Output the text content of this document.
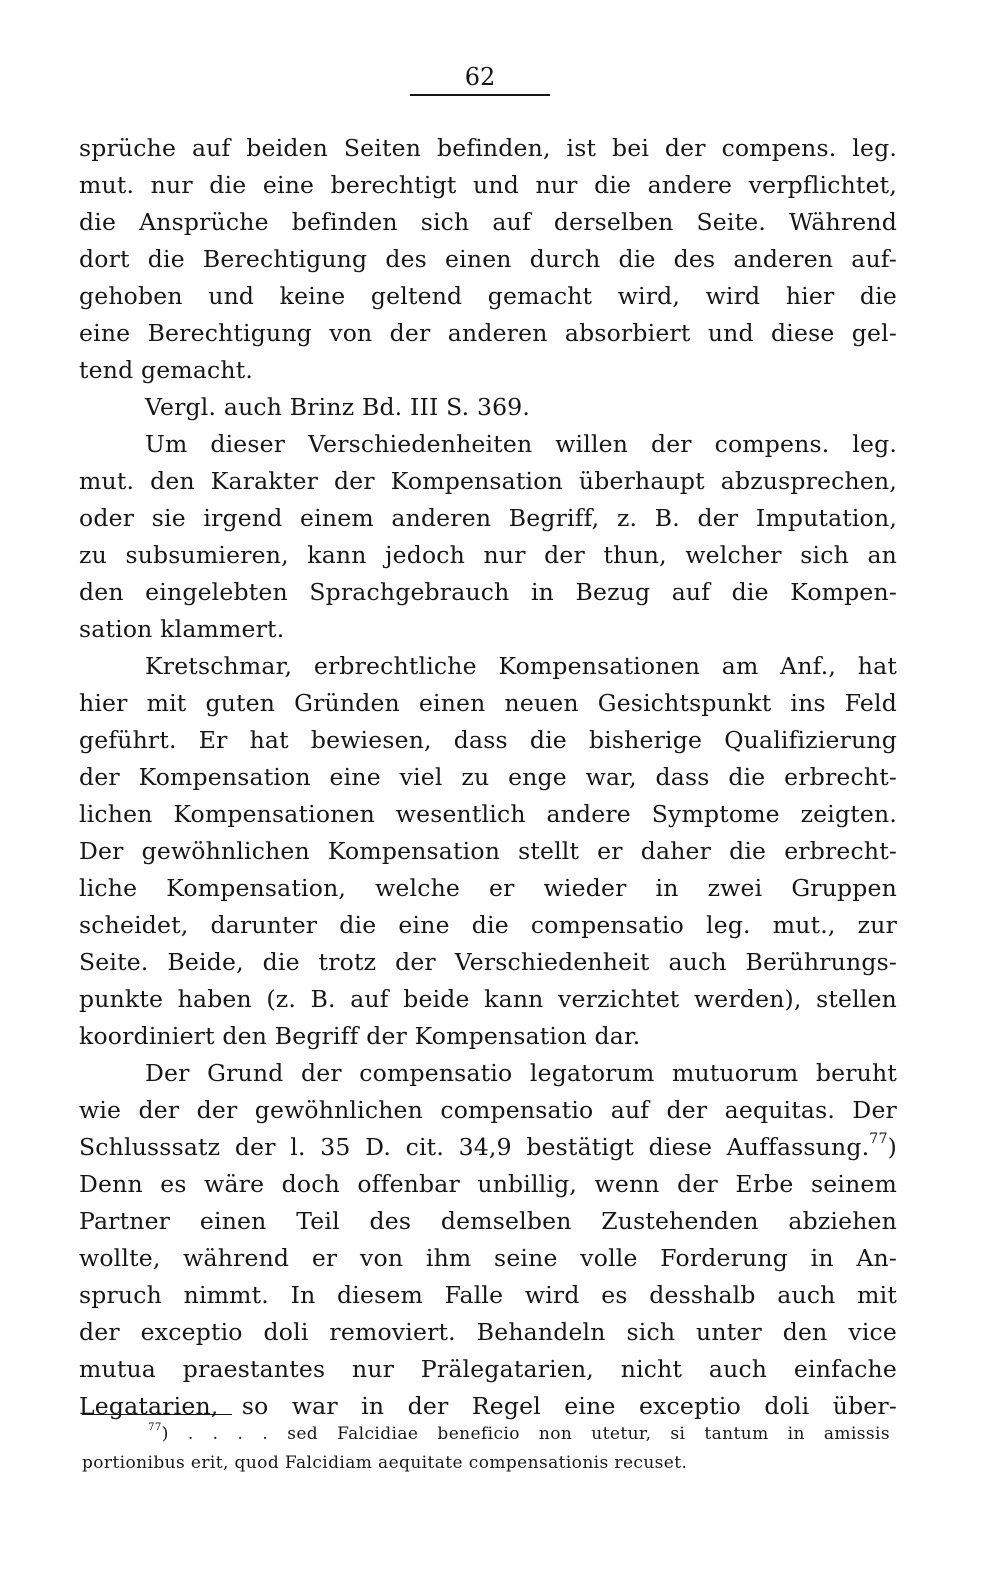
62
sprüche auf beiden Seiten befinden, ist bei der compens. leg.
mut. nur die eine berechtigt und nur die andere verpflichtet,
die Ansprüche befinden sich auf derselben Seite. Während
dort die Berechtigung des einen durch die des anderen auf-
gehoben und keine geltend gemacht wird, wird hier die
eine Berechtigung von der anderen absorbiert und diese gel-
tend gemacht.
Vergl. auch Brinz Bd. III S. 369.
Um dieser Verschiedenheiten willen der compens. leg.
mut. den Karakter der Kompensation überhaupt abzusprechen,
oder sie irgend einem anderen Begriff, z. B. der Imputation,
zu subsumieren, kann jedoch nur der thun, welcher sich an
den eingelebten Sprachgebrauch in Bezug auf die Kompen-
sation klammert.
Kretschmar, erbrechtliche Kompensationen am Anf., hat
hier mit guten Gründen einen neuen Gesichtspunkt ins Feld
geführt. Er hat bewiesen, dass die bisherige Qualifizierung
der Kompensation eine viel zu enge war, dass die erbrecht-
lichen Kompensationen wesentlich andere Symptome zeigten.
Der gewöhnlichen Kompensation stellt er daher die erbrecht-
liche Kompensation, welche er wieder in zwei Gruppen
scheidet, darunter die eine die compensatio leg. mut., zur
Seite. Beide, die trotz der Verschiedenheit auch Berührungs-
punkte haben (z. B. auf beide kann verzichtet werden), stellen
koordiniert den Begriff der Kompensation dar.
Der Grund der compensatio legatorum mutuorum beruht
wie der der gewöhnlichen compensatio auf der aequitas. Der
Schlusssatz der l. 35 D. cit. 34,9 bestätigt diese Auffassung.$^{77}$)
Denn es wäre doch offenbar unbillig, wenn der Erbe seinem
Partner einen Teil des demselben Zustehenden abziehen
wollte, während er von ihm seine volle Forderung in An-
spruch nimmt. In diesem Falle wird es desshalb auch mit
der exceptio doli removiert. Behandeln sich unter den vice
mutua praestantes nur Prälegatarien, nicht auch einfache
Legatarien, so war in der Regel eine exceptio doli über-
$^{77}$) . . . . sed Falcidiae beneficio non utetur, si tantum in amissis
portionibus erit, quod Falcidiam aequitate compensationis recuset.
